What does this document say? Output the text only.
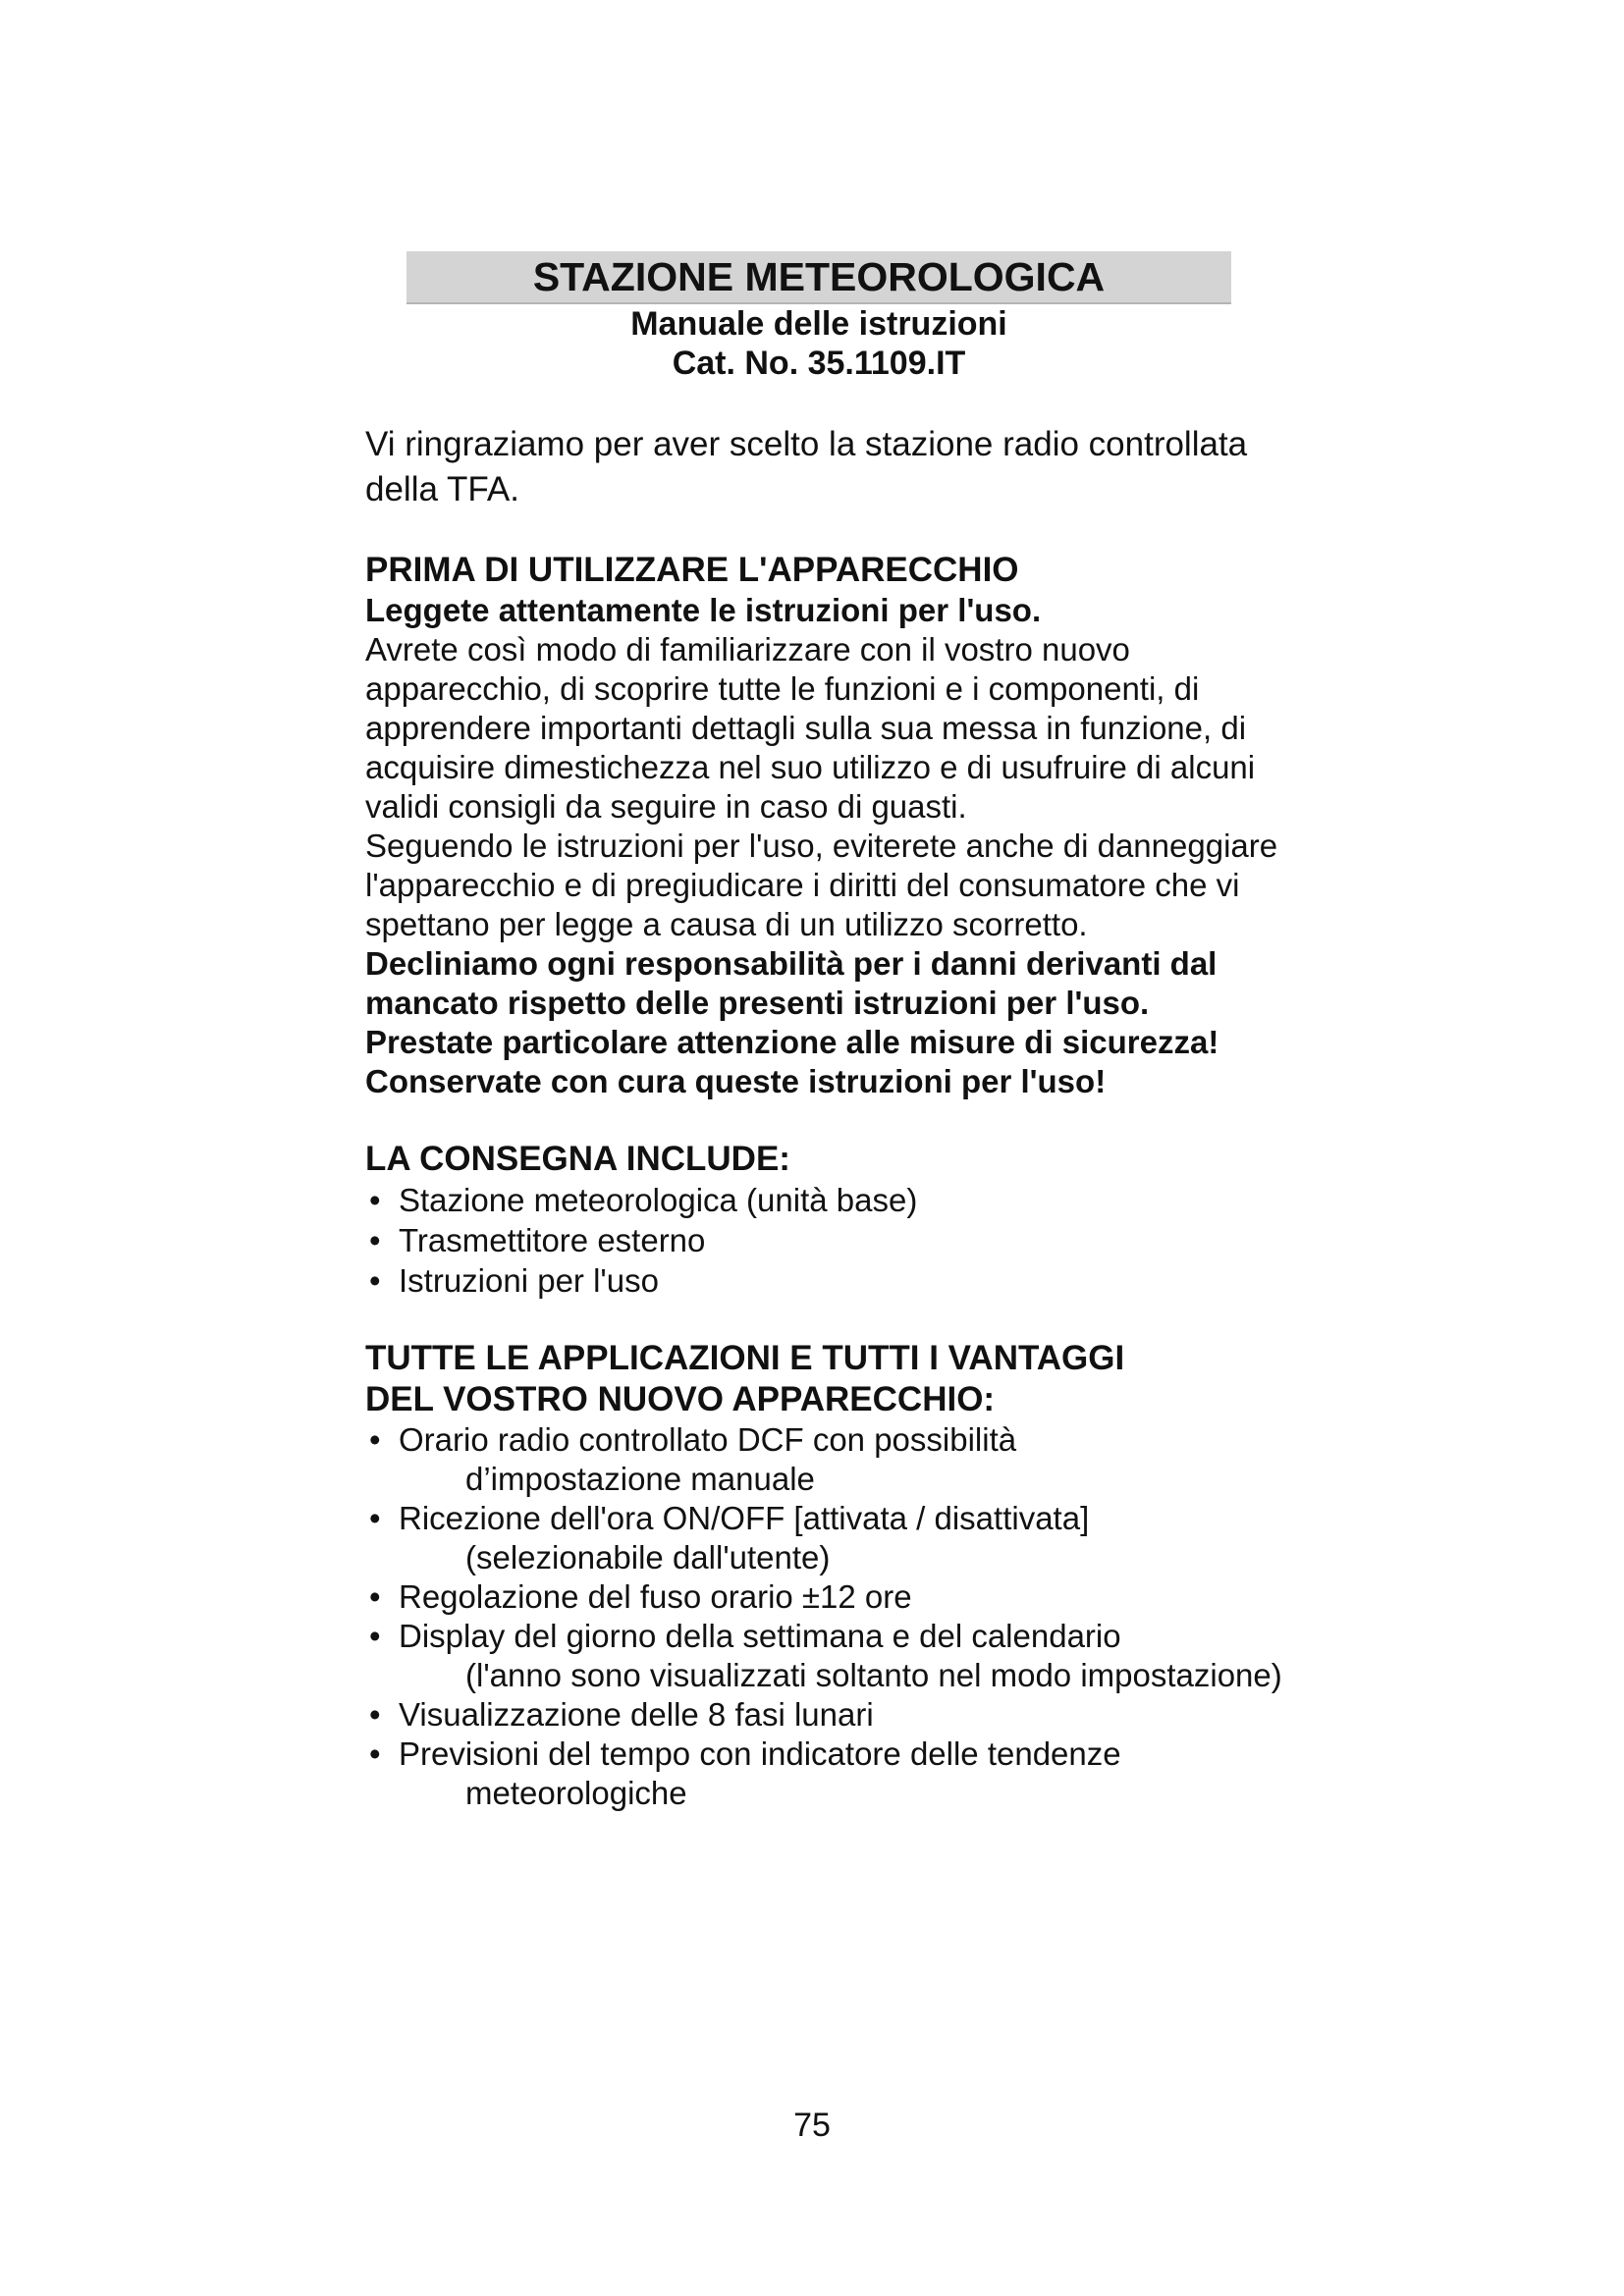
STAZIONE METEOROLOGICA
Manuale delle istruzioni
Cat. No. 35.1109.IT

Vi ringraziamo per aver scelto la stazione radio controllata della TFA.

PRIMA DI UTILIZZARE L'APPARECCHIO

Leggete attentamente le istruzioni per l'uso.

Avrete così modo di familiarizzare con il vostro nuovo apparecchio, di scoprire tutte le funzioni e i componenti, di apprendere importanti dettagli sulla sua messa in funzione, di acquisire dimestichezza nel suo utilizzo e di usufruire di alcuni validi consigli da seguire in caso di guasti.

Seguendo le istruzioni per l'uso, eviterete anche di danneggiare l'apparecchio e di pregiudicare i diritti del consumatore che vi spettano per legge a causa di un utilizzo scorretto.

Decliniamo ogni responsabilità per i danni derivanti dal mancato rispetto delle presenti istruzioni per l'uso.

Prestate particolare attenzione alle misure di sicurezza!

Conservate con cura queste istruzioni per l'uso!

LA CONSEGNA INCLUDE:
• Stazione meteorologica (unità base)
• Trasmettitore esterno
• Istruzioni per l'uso
TUTTE LE APPLICAZIONI E TUTTI I VANTAGGI
DEL VOSTRO NUOVO APPARECCHIO:
• Orario radio controllato DCF con possibilità
d’impostazione manuale
• Ricezione dell'ora ON/OFF [attivata / disattivata]
(selezionabile dall'utente)
• Regolazione del fuso orario ±12 ore
• Display del giorno della settimana e del calendario
(l'anno sono visualizzati soltanto nel modo impostazione)
• Visualizzazione delle 8 fasi lunari
• Previsioni del tempo con indicatore delle tendenze
meteorologiche
75
